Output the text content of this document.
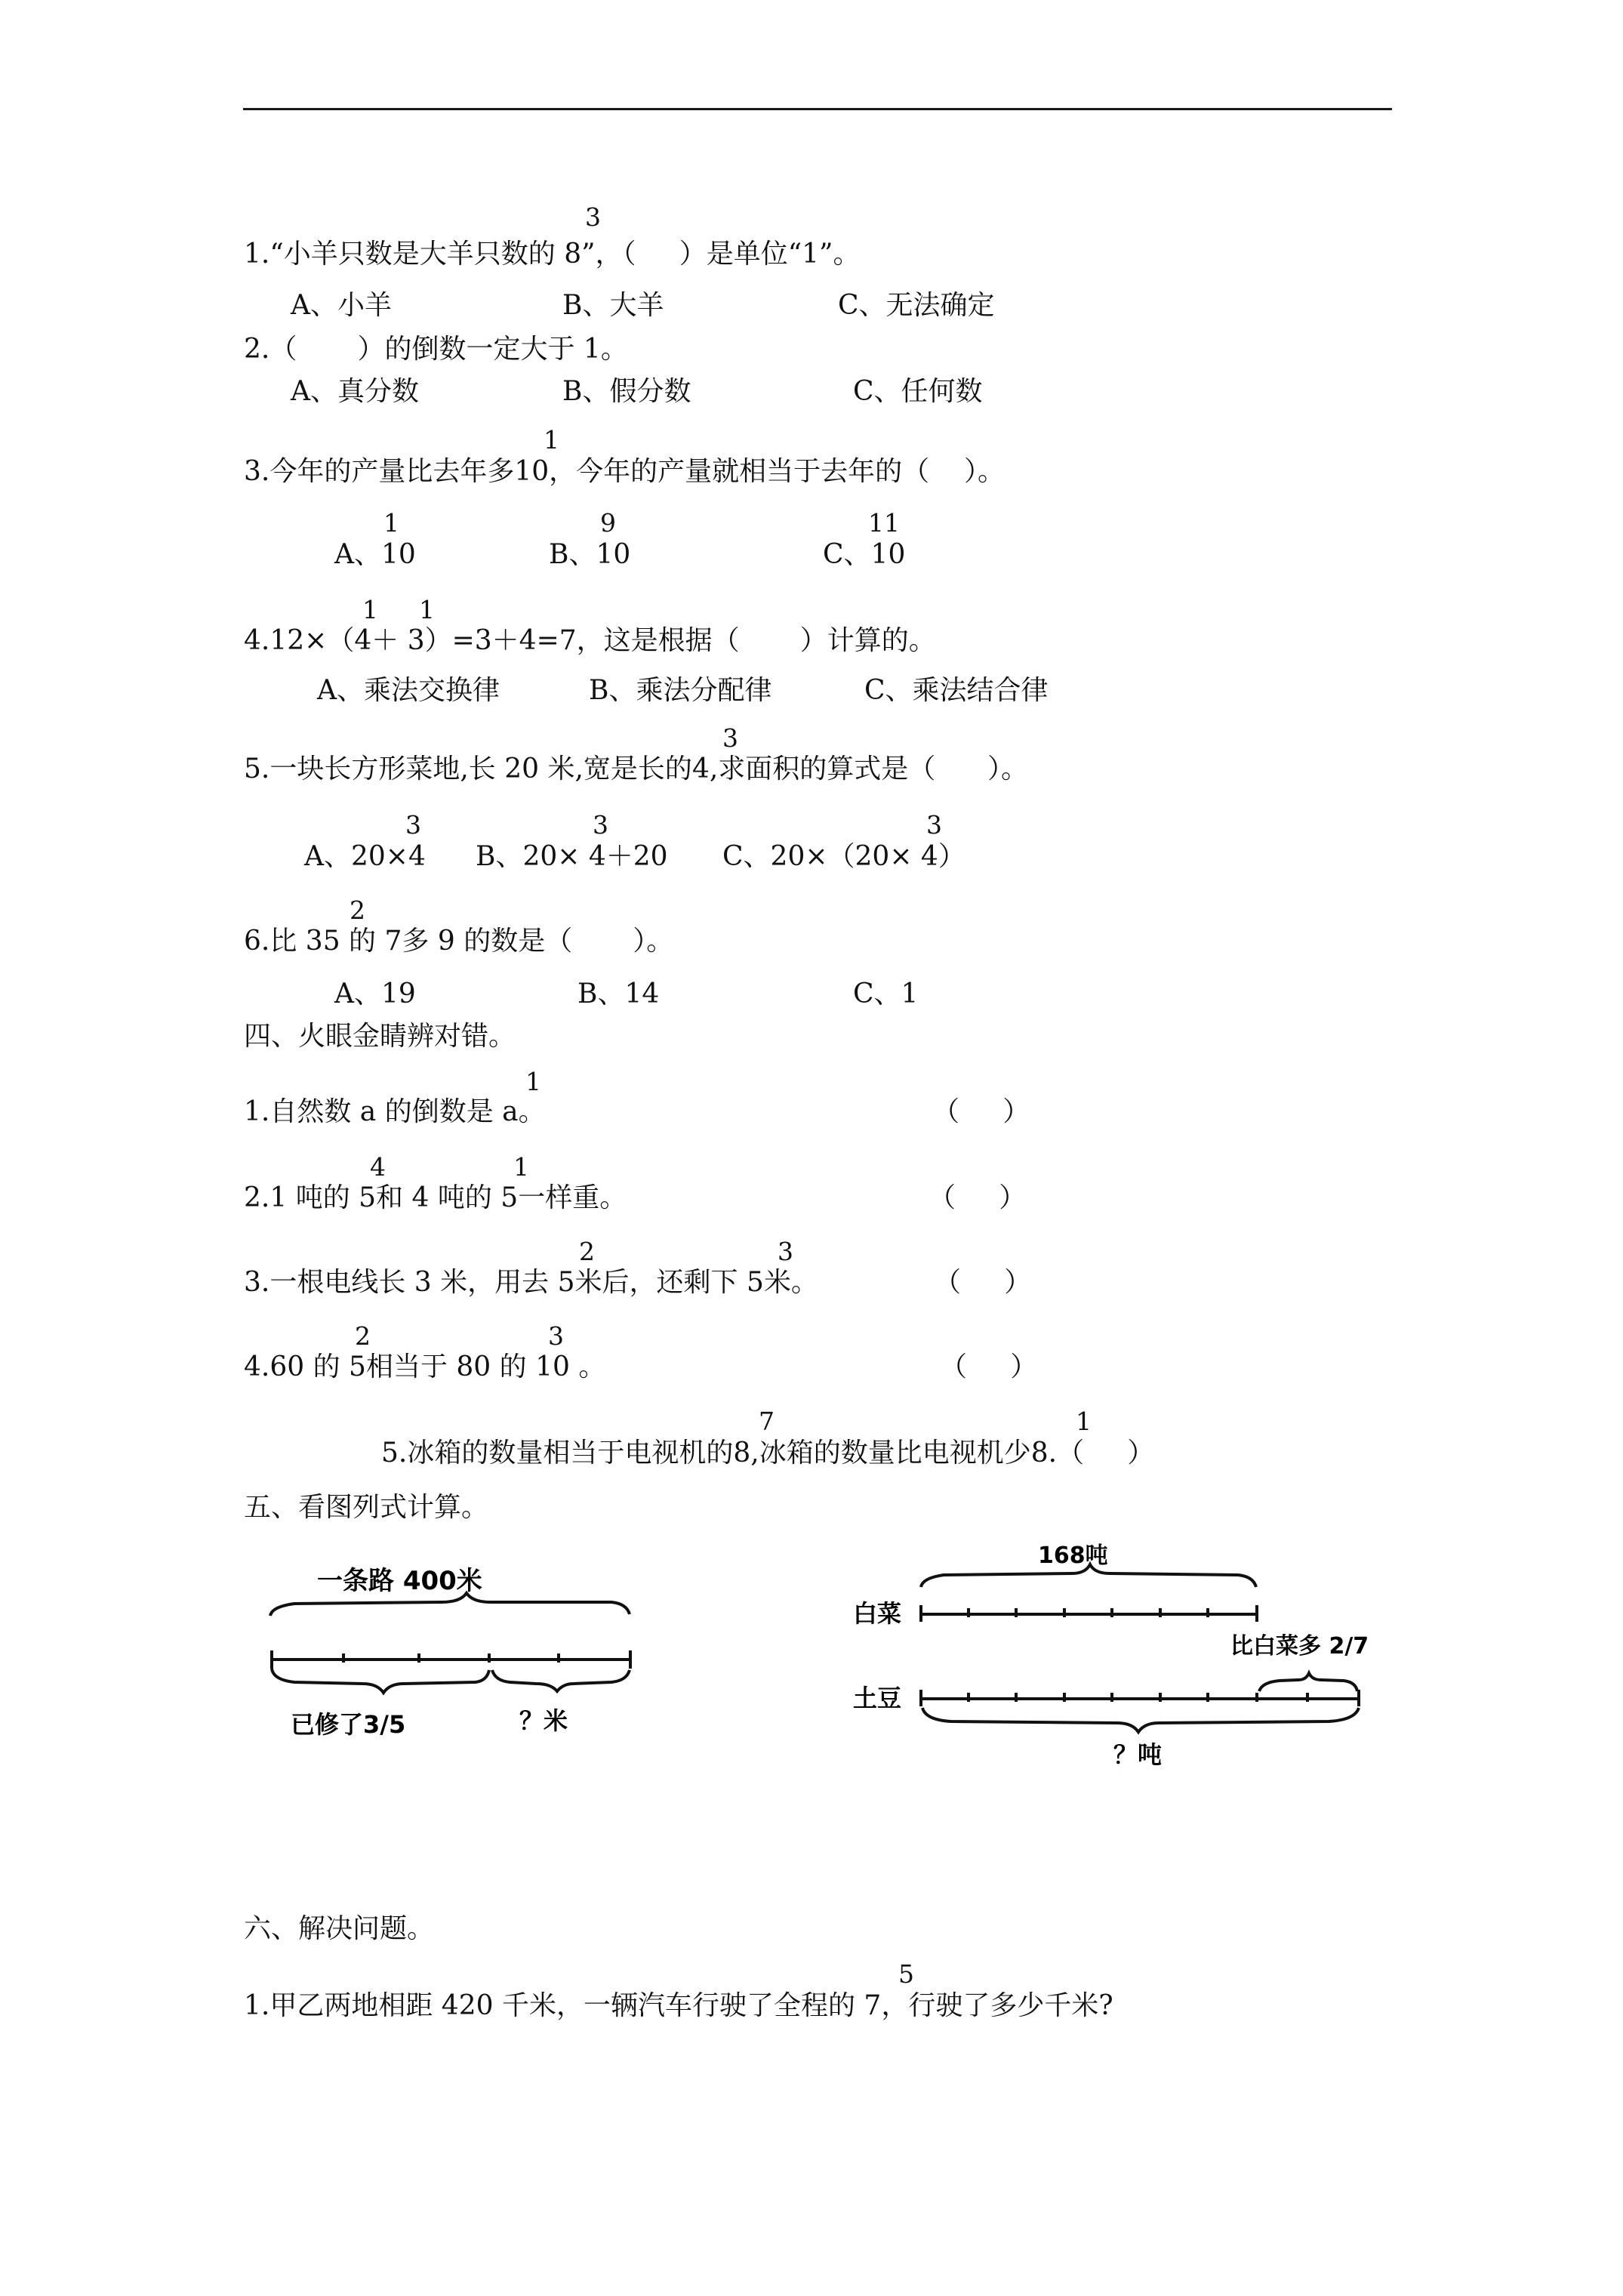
3
1.“小羊只数是大羊只数的 8”，（     ）是单位“1”。
A、小羊	B、大羊	C、无法确定
2.（       ）的倒数一定大于 1。
A、真分数	B、假分数	C、任何数
1
3.今年的产量比去年多10，今年的产量就相当于去年的（    ）。
1
A、10
9
B、10
11
C、10
1 1
4.12×（4＋ 3）=3＋4=7，这是根据（       ）计算的。
A、乘法交换律	B、乘法分配律	C、乘法结合律
3
5.一块长方形菜地,长 20 米,宽是长的4,求面积的算式是（      ）。
3
A、20×4
3
B、20× 4＋20
3
C、20×（20× 4）
2
6.比 35 的 7多 9 的数是（       ）。
A、19	B、14	C、1
四、火眼金睛辨对错。
1
1.自然数 a 的倒数是 a。	（     ）
4	1
2.1 吨的 5和 4 吨的 5一样重。	（     ）
2	3
3.一根电线长 3 米，用去 5米后，还剩下 5米。	（     ）
2	3
4.60 的 5相当于 80 的 10 。	（     ）
7	1
5.冰箱的数量相当于电视机的8,冰箱的数量比电视机少8.（     ）
五、看图列式计算。
一条路 400米
已修了3/5	？米
168吨
白菜
土豆
比白菜多 2/7
？吨
六、解决问题。
5
1.甲乙两地相距 420 千米，一辆汽车行驶了全程的 7，行驶了多少千米?
